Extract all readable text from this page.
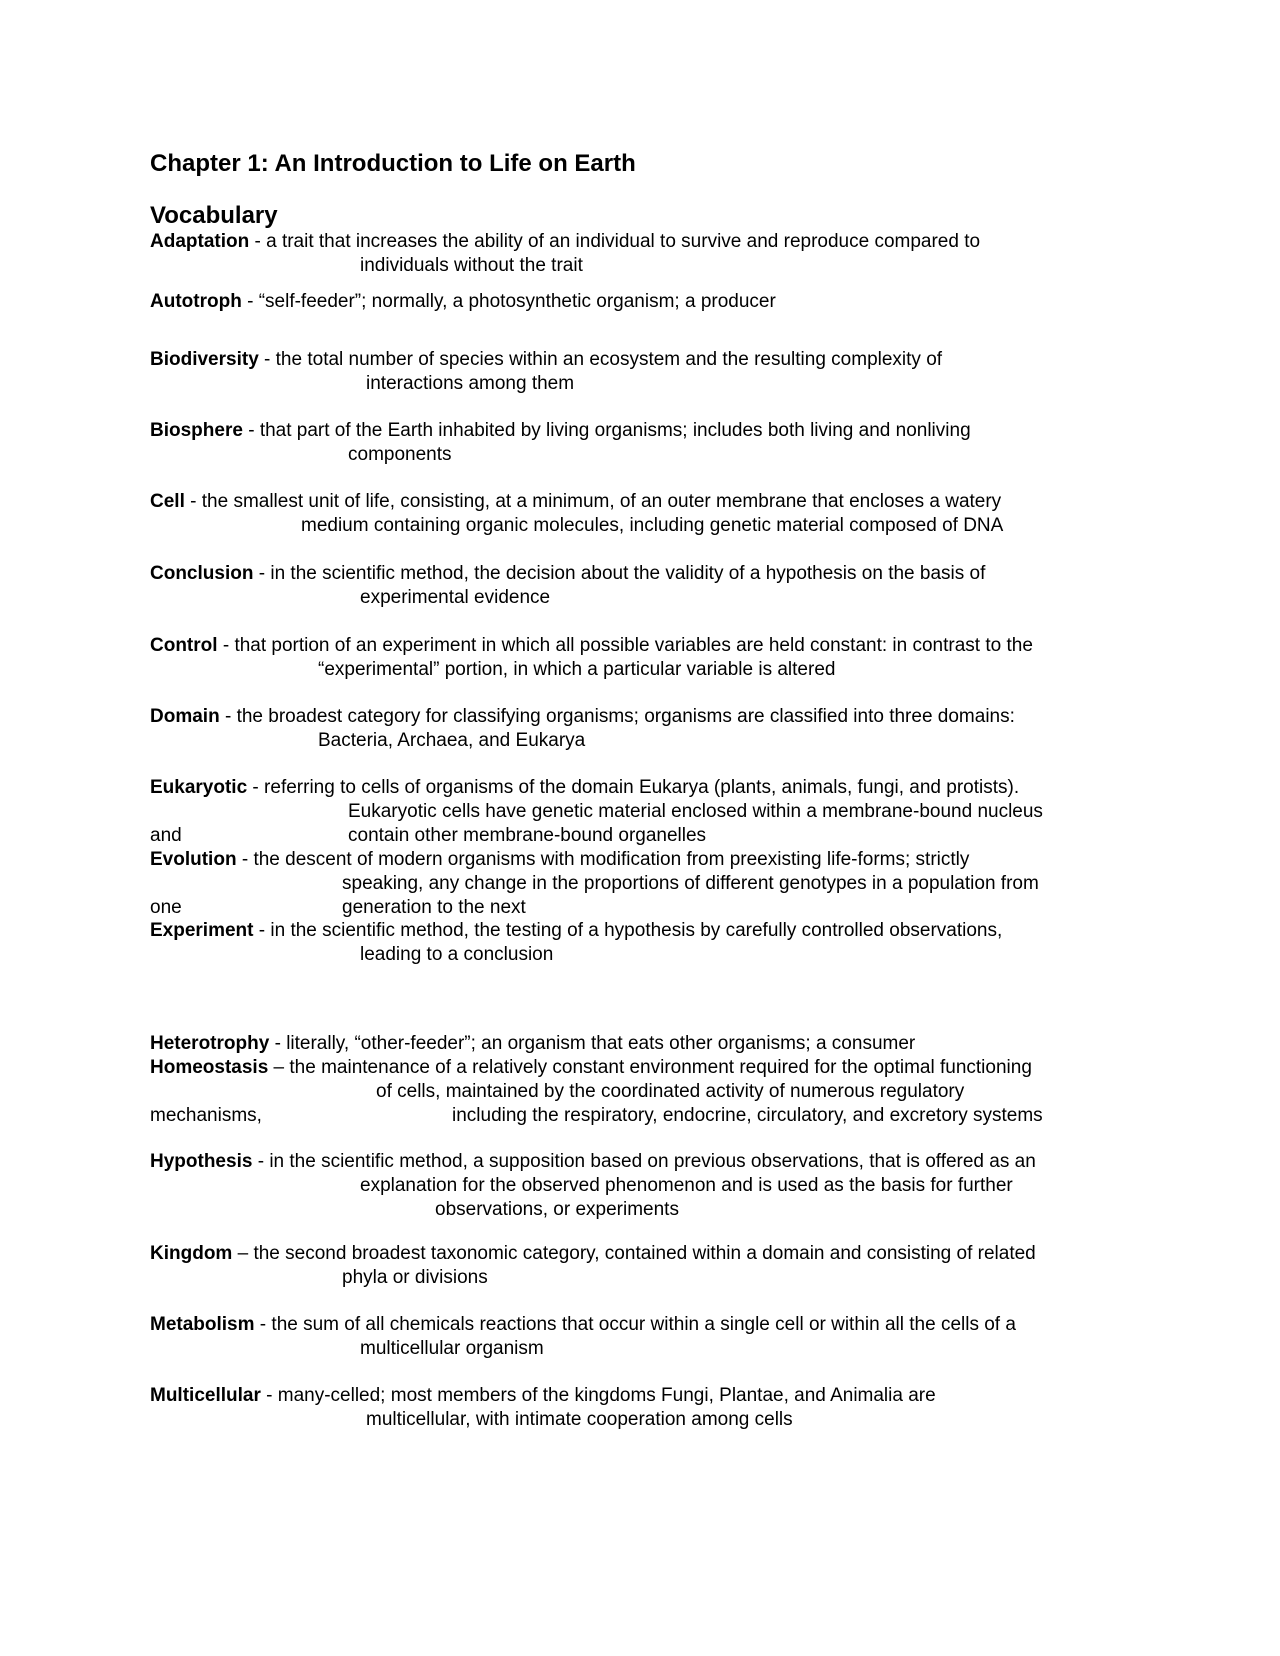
Chapter 1: An Introduction to Life on Earth
Vocabulary
Adaptation - a trait that increases the ability of an individual to survive and reproduce compared to
individuals without the trait
Autotroph - “self-feeder”; normally, a photosynthetic organism; a producer
Biodiversity - the total number of species within an ecosystem and the resulting complexity of
interactions among them
Biosphere - that part of the Earth inhabited by living organisms; includes both living and nonliving
components
Cell - the smallest unit of life, consisting, at a minimum, of an outer membrane that encloses a watery
medium containing organic molecules, including genetic material composed of DNA
Conclusion - in the scientific method, the decision about the validity of a hypothesis on the basis of
experimental evidence
Control - that portion of an experiment in which all possible variables are held constant: in contrast to the
“experimental” portion, in which a particular variable is altered
Domain - the broadest category for classifying organisms; organisms are classified into three domains:
Bacteria, Archaea, and Eukarya
Eukaryotic - referring to cells of organisms of the domain Eukarya (plants, animals, fungi, and protists).
Eukaryotic cells have genetic material enclosed within a membrane-bound nucleus
contain other membrane-bound organelles
and
Evolution - the descent of modern organisms with modification from preexisting life-forms; strictly
speaking, any change in the proportions of different genotypes in a population from
generation to the next
one
Experiment - in the scientific method, the testing of a hypothesis by carefully controlled observations,
leading to a conclusion
Heterotrophy - literally, “other-feeder”; an organism that eats other organisms; a consumer
Homeostasis – the maintenance of a relatively constant environment required for the optimal functioning
of cells, maintained by the coordinated activity of numerous regulatory
including the respiratory, endocrine, circulatory, and excretory systems
mechanisms,
Hypothesis - in the scientific method, a supposition based on previous observations, that is offered as an
explanation for the observed phenomenon and is used as the basis for further
observations, or experiments
Kingdom – the second broadest taxonomic category, contained within a domain and consisting of related
phyla or divisions
Metabolism - the sum of all chemicals reactions that occur within a single cell or within all the cells of a
multicellular organism
Multicellular - many-celled; most members of the kingdoms Fungi, Plantae, and Animalia are
multicellular, with intimate cooperation among cells
